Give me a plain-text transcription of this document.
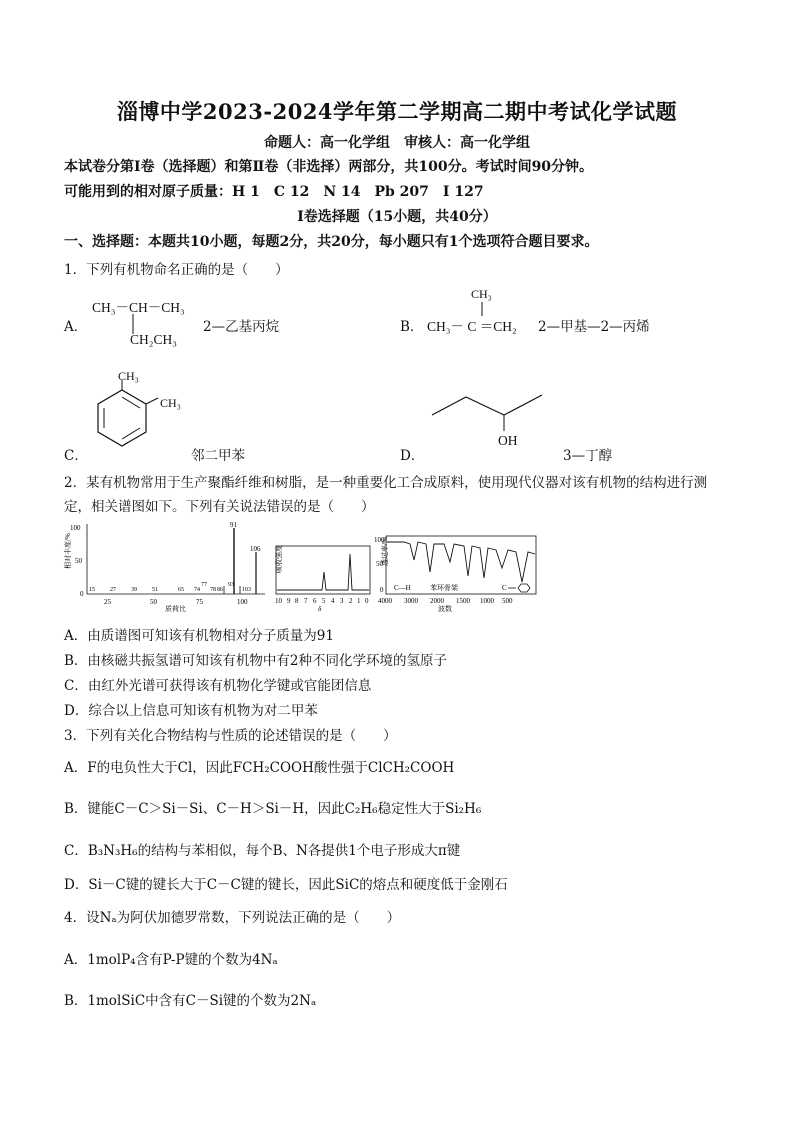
淄博中学2023-2024学年第二学期高二期中考试化学试题
命题人：高一化学组　审核人：高一化学组
本试卷分第Ⅰ卷（选择题）和第Ⅱ卷（非选择）两部分，共100分。考试时间90分钟。
可能用到的相对原子质量：H 1　C 12　N 14　Pb 207　I 127
Ⅰ卷选择题（15小题，共40分）
一、选择题：本题共10小题，每题2分，共20分，每小题只有1个选项符合题目要求。
1．下列有机物命名正确的是（　　）
A．
CH₃－CH－CH₃
CH₂CH₃
2—乙基丙烷	B．
CH₃
CH₃－ C ＝CH₂ 2—甲基—2—丙烯
C．
CH₃
CH₃
邻二甲苯	D．
OH
3—丁醇
2．某有机物常用于生产聚酯纤维和树脂，是一种重要化工合成原料，使用现代仪器对该有机物的结构进行测
定，相关谱图如下。下列有关说法错误的是（　　）
相对丰度/%
100
50
0
91
106
15	27	39	51	65 74
77
78 86
93
103
25	50	75	100
质荷比
吸收强度
10 9 8 7 6 5 4 3 2 1 0
δ
透过率/%
100
50
0 C—H	苯环骨架	C
4000 3000 2000 1500 1000 500
波数
A．由质谱图可知该有机物相对分子质量为91
B．由核磁共振氢谱可知该有机物中有2种不同化学环境的氢原子
C．由红外光谱可获得该有机物化学键或官能团信息
D．综合以上信息可知该有机物为对二甲苯
3．下列有关化合物结构与性质的论述错误的是（　　）
A．F的电负性大于Cl，因此FCH₂COOH酸性强于ClCH₂COOH
B．键能C－C＞Si－Si、C－H＞Si－H，因此C₂H₆稳定性大于Si₂H₆
C．B₃N₃H₆的结构与苯相似，每个B、N各提供1个电子形成大π键
D．Si－C键的键长大于C－C键的键长，因此SiC的熔点和硬度低于金刚石
4．设Nₐ为阿伏加德罗常数，下列说法正确的是（　　）
A．1molP₄含有P-P键的个数为4Nₐ
B．1molSiC中含有C－Si键的个数为2Nₐ
